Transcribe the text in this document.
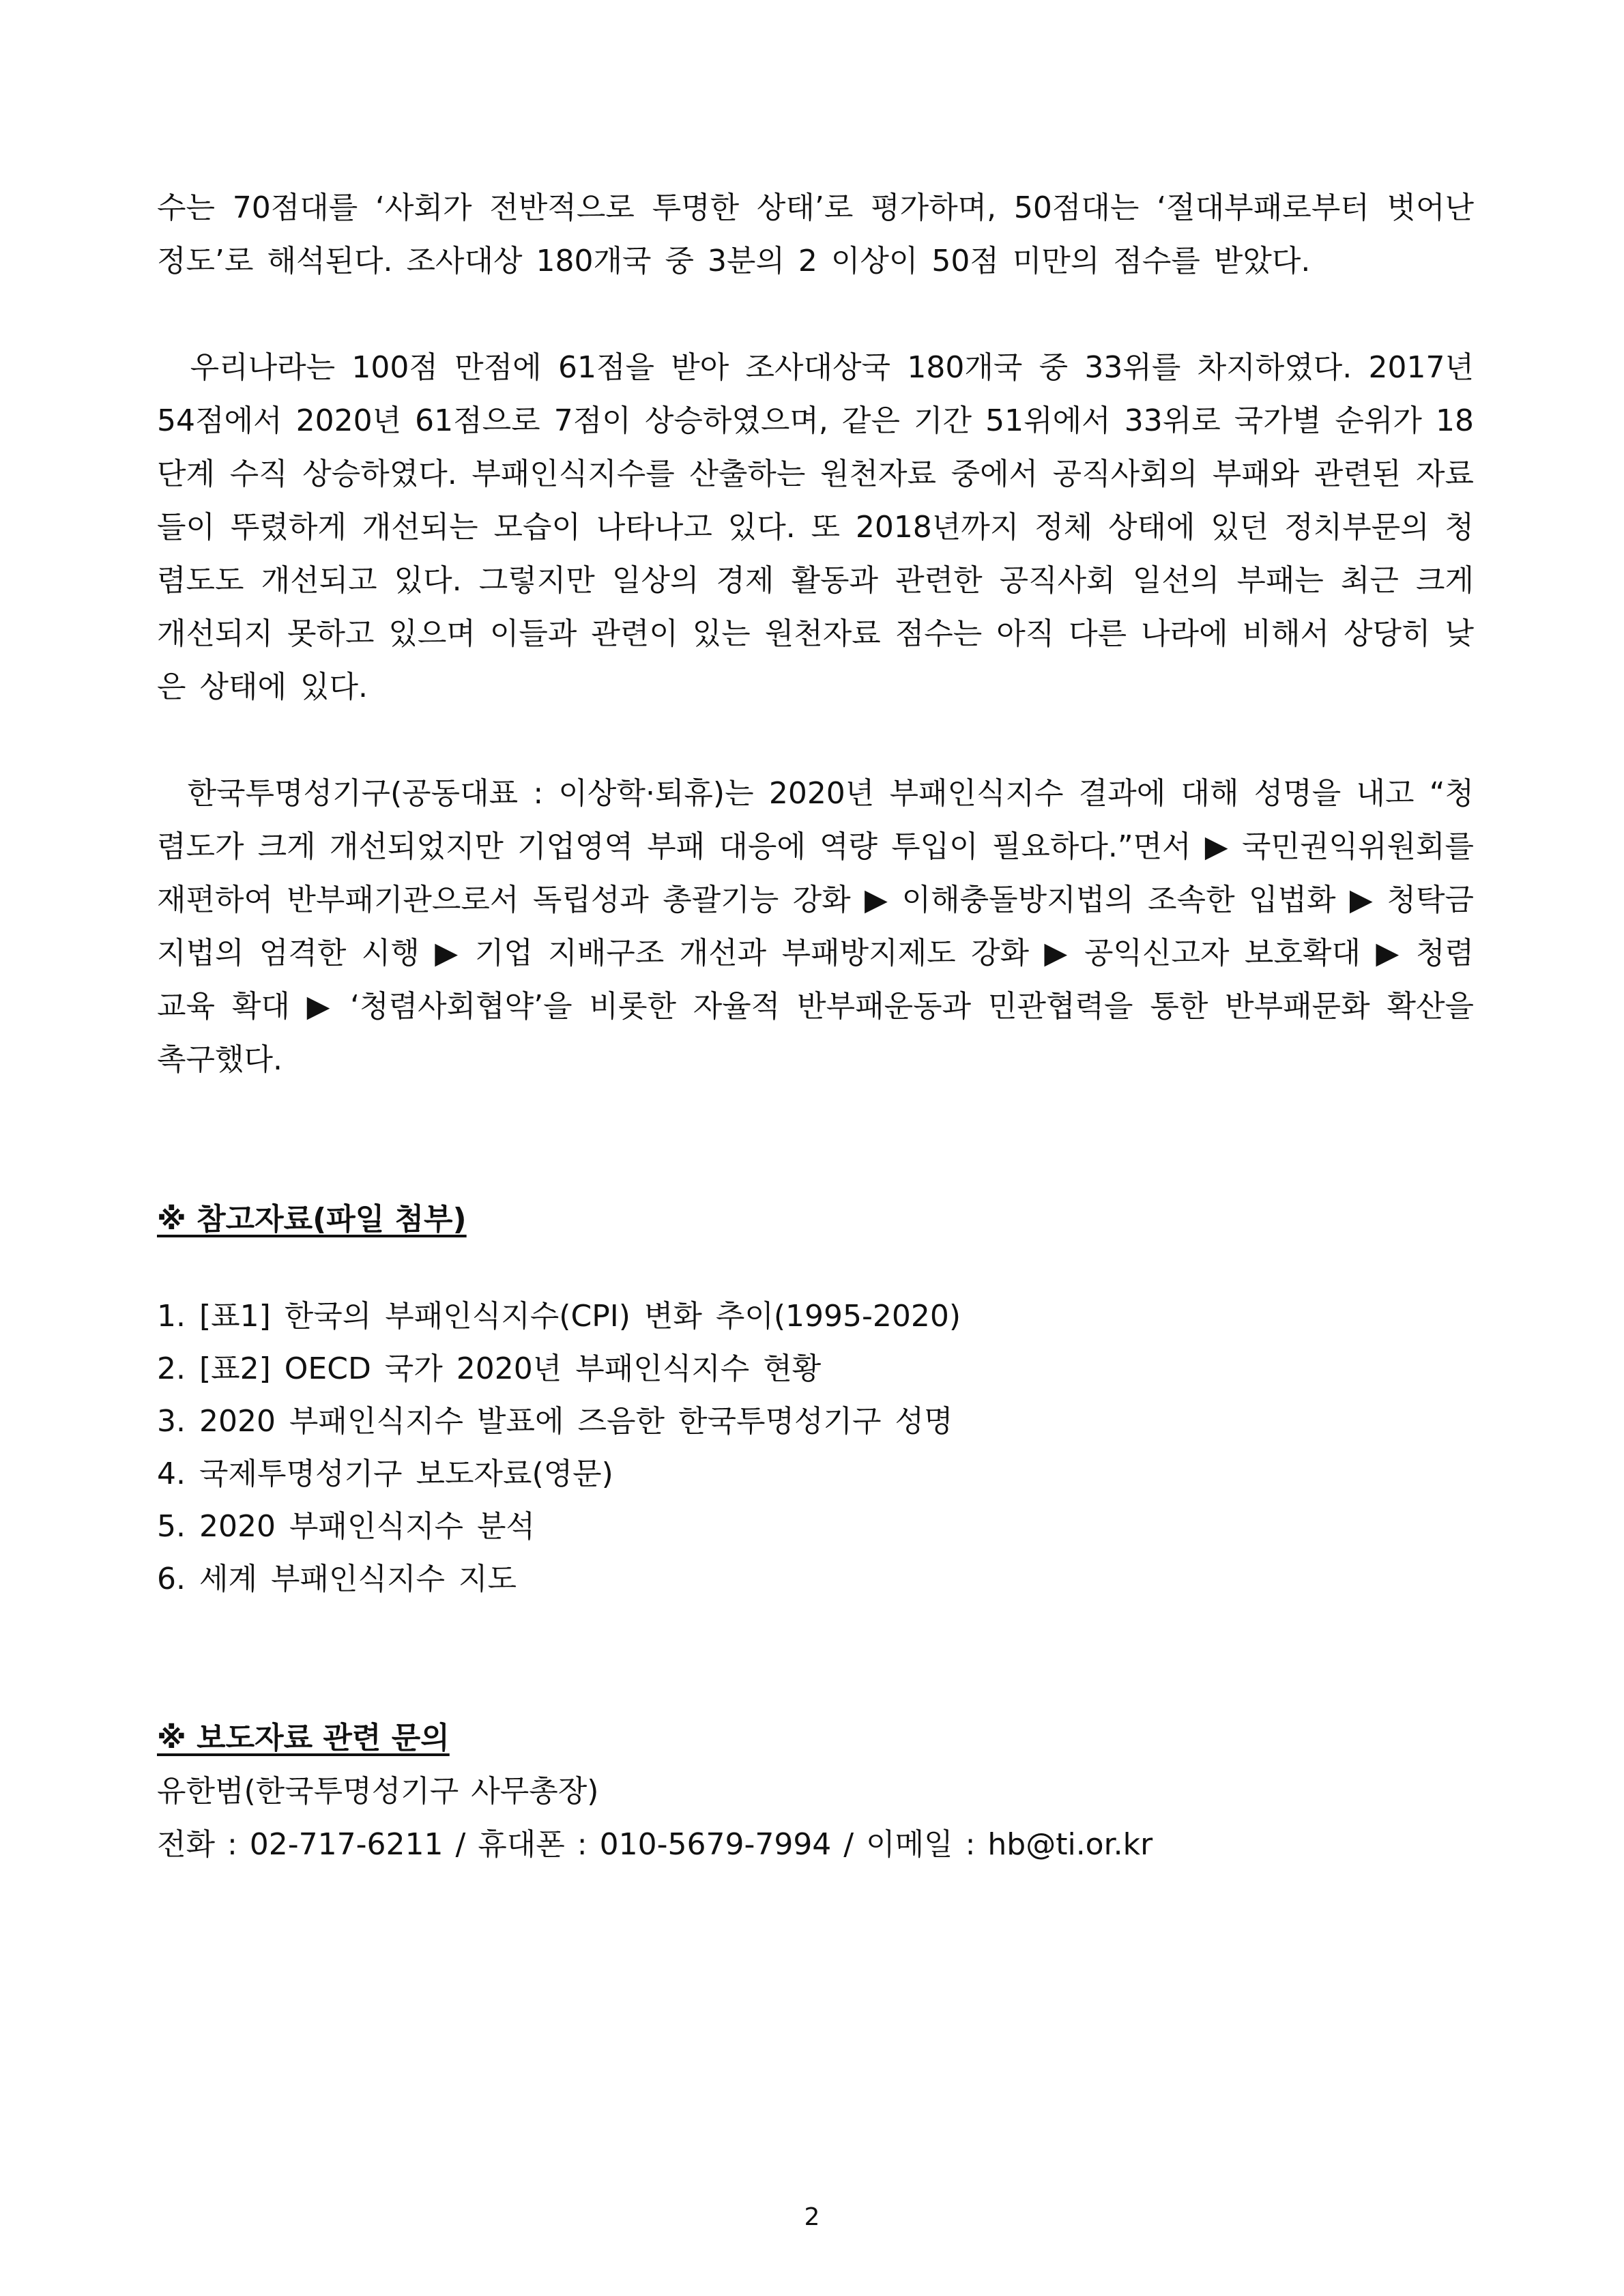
수는 70점대를 ‘사회가 전반적으로 투명한 상태’로 평가하며, 50점대는 ‘절대부패로부터 벗어난 정도’로 해석된다. 조사대상 180개국 중 3분의 2 이상이 50점 미만의 점수를 받았다.

우리나라는 100점 만점에 61점을 받아 조사대상국 180개국 중 33위를 차지하였다. 2017년 54점에서 2020년 61점으로 7점이 상승하였으며, 같은 기간 51위에서 33위로 국가별 순위가 18단계 수직 상승하였다. 부패인식지수를 산출하는 원천자료 중에서 공직사회의 부패와 관련된 자료들이 뚜렸하게 개선되는 모습이 나타나고 있다. 또 2018년까지 정체 상태에 있던 정치부문의 청렴도도 개선되고 있다. 그렇지만 일상의 경제 활동과 관련한 공직사회 일선의 부패는 최근 크게 개선되지 못하고 있으며 이들과 관련이 있는 원천자료 점수는 아직 다른 나라에 비해서 상당히 낮은 상태에 있다.

한국투명성기구(공동대표 : 이상학·퇴휴)는 2020년 부패인식지수 결과에 대해 성명을 내고 “청렴도가 크게 개선되었지만 기업영역 부패 대응에 역량 투입이 필요하다.”면서 ▶ 국민권익위원회를 재편하여 반부패기관으로서 독립성과 총괄기능 강화 ▶ 이해충돌방지법의 조속한 입법화 ▶ 청탁금지법의 엄격한 시행 ▶ 기업 지배구조 개선과 부패방지제도 강화 ▶ 공익신고자 보호확대 ▶ 청렴교육 확대 ▶ ‘청렴사회협약’을 비롯한 자율적 반부패운동과 민관협력을 통한 반부패문화 확산을 촉구했다.

※ 참고자료(파일 첨부)

1. [표1] 한국의 부패인식지수(CPI) 변화 추이(1995-2020)
2. [표2] OECD 국가 2020년 부패인식지수 현황
3. 2020 부패인식지수 발표에 즈음한 한국투명성기구 성명
4. 국제투명성기구 보도자료(영문)
5. 2020 부패인식지수 분석
6. 세계 부패인식지수 지도

※ 보도자료 관련 문의

유한범(한국투명성기구 사무총장)

전화 : 02-717-6211 / 휴대폰 : 010-5679-7994 / 이메일 : hb@ti.or.kr

2
